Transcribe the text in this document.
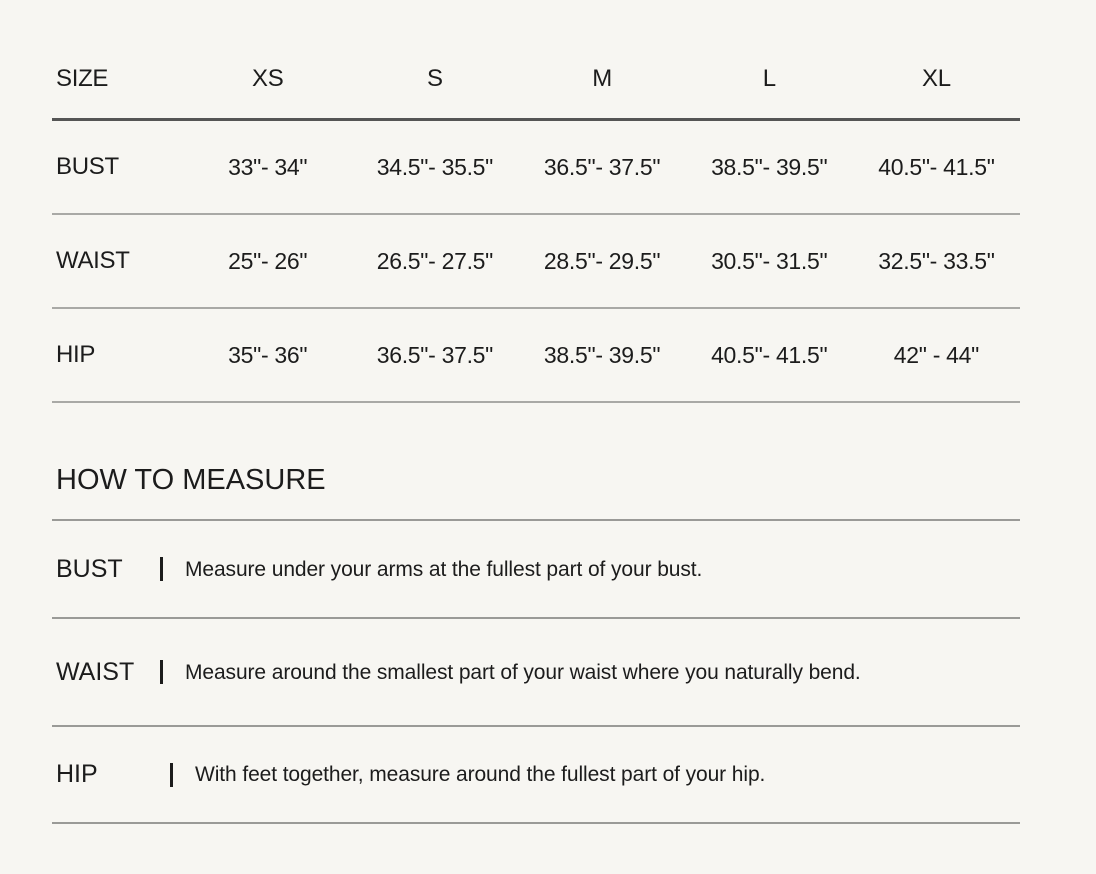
SIZE	XS	S	M	L	XL
BUST	33"- 34"	34.5"- 35.5"	36.5"- 37.5"	38.5"- 39.5"	40.5"- 41.5"
WAIST	25"- 26"	26.5"- 27.5"	28.5"- 29.5"	30.5"- 31.5"	32.5"- 33.5"
HIP	35"- 36"	36.5"- 37.5"	38.5"- 39.5"	40.5"- 41.5"	42" - 44"
HOW TO MEASURE
BUST	Measure under your arms at the fullest part of your bust.
WAIST	Measure around the smallest part of your waist where you naturally bend.
HIP	With feet together, measure around the fullest part of your hip.
